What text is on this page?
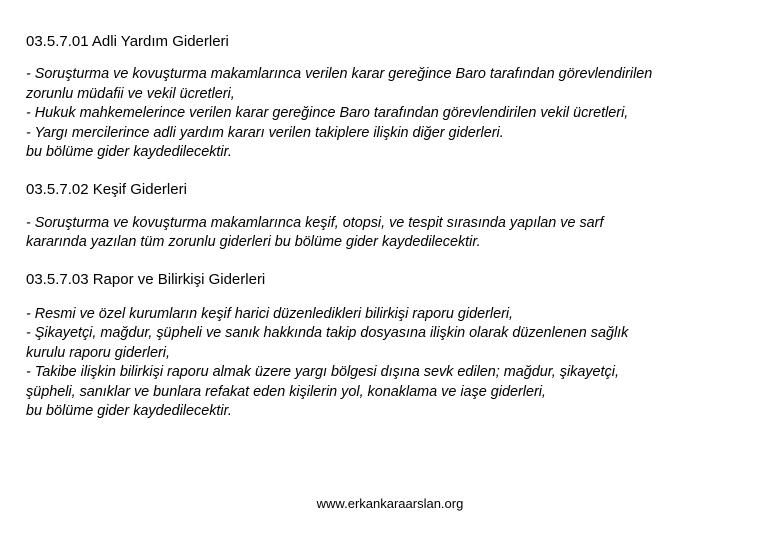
03.5.7.01 Adli Yardım Giderleri

- Soruşturma ve kovuşturma makamlarınca verilen karar gereğince Baro tarafından görevlendirilen
zorunlu müdafii ve vekil ücretleri,
- Hukuk mahkemelerince verilen karar gereğince Baro tarafından görevlendirilen vekil ücretleri,
- Yargı mercilerince adli yardım kararı verilen takiplere ilişkin diğer giderleri.
bu bölüme gider kaydedilecektir.

03.5.7.02 Keşif Giderleri

- Soruşturma ve kovuşturma makamlarınca keşif, otopsi, ve tespit sırasında yapılan ve sarf
kararında yazılan tüm zorunlu giderleri bu bölüme gider kaydedilecektir.

03.5.7.03 Rapor ve Bilirkişi Giderleri

- Resmi ve özel kurumların keşif harici düzenledikleri bilirkişi raporu giderleri,
- Şikayetçi, mağdur, şüpheli ve sanık hakkında takip dosyasına ilişkin olarak düzenlenen sağlık
kurulu raporu giderleri,
- Takibe ilişkin bilirkişi raporu almak üzere yargı bölgesi dışına sevk edilen; mağdur, şikayetçi,
şüpheli, sanıklar ve bunlara refakat eden kişilerin yol, konaklama ve iaşe giderleri,
bu bölüme gider kaydedilecektir.

www.erkankaraarslan.org
